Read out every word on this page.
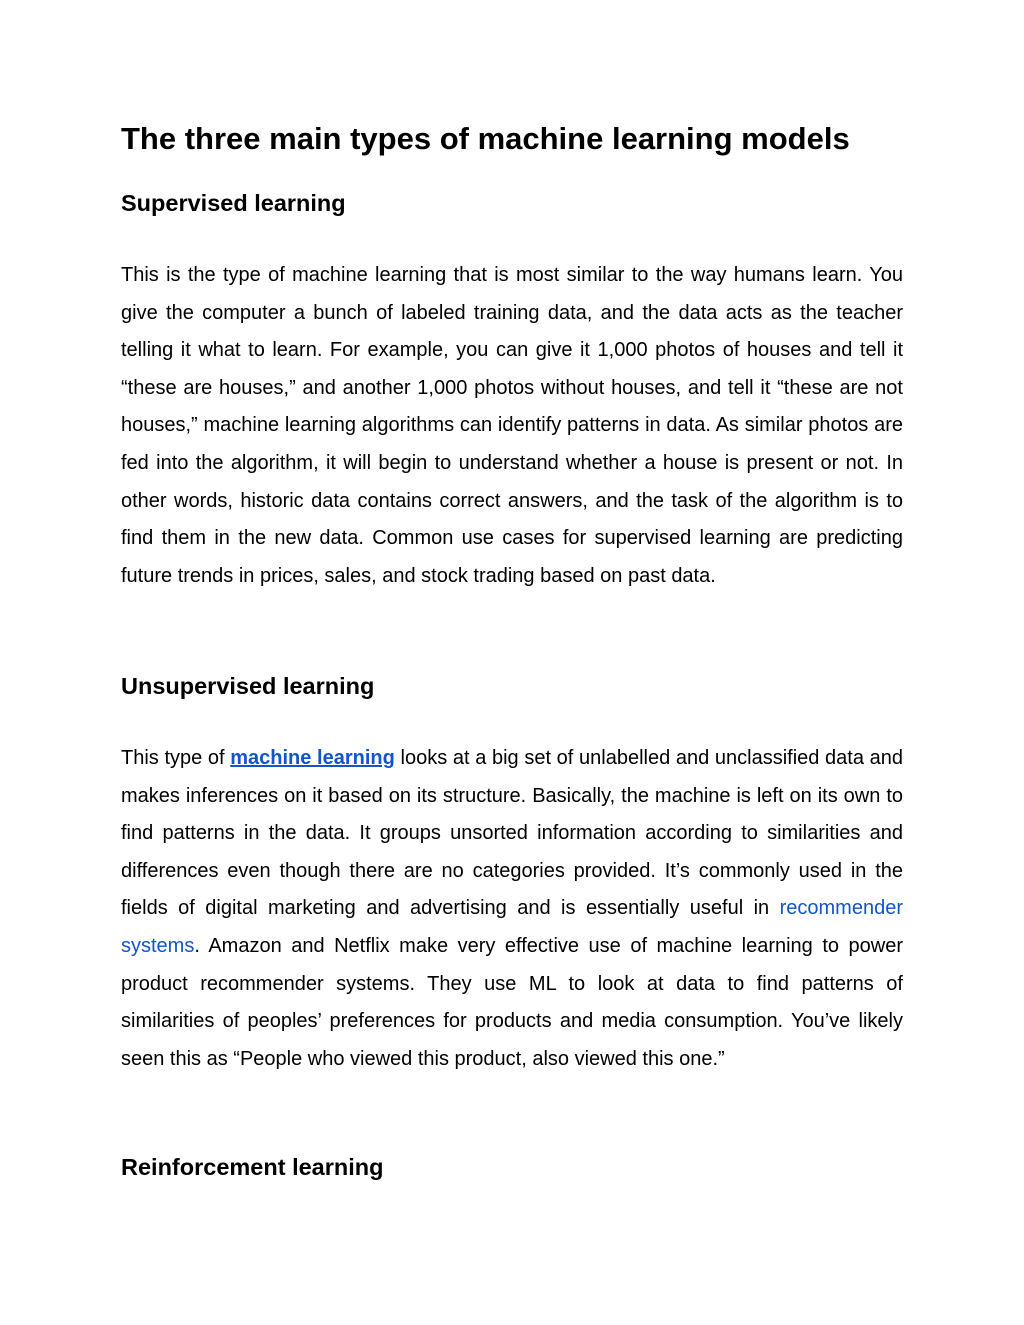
The three main types of machine learning models
Supervised learning

This is the type of machine learning that is most similar to the way humans learn. You give the computer a bunch of labeled training data, and the data acts as the teacher telling it what to learn. For example, you can give it 1,000 photos of houses and tell it “these are houses,” and another 1,000 photos without houses, and tell it “these are not houses,” machine learning algorithms can identify patterns in data. As similar photos are fed into the algorithm, it will begin to understand whether a house is present or not. In other words, historic data contains correct answers, and the task of the algorithm is to find them in the new data. Common use cases for supervised learning are predicting future trends in prices, sales, and stock trading based on past data.

Unsupervised learning

This type of machine learning looks at a big set of unlabelled and unclassified data and makes inferences on it based on its structure. Basically, the machine is left on its own to find patterns in the data. It groups unsorted information according to similarities and differences even though there are no categories provided. It’s commonly used in the fields of digital marketing and advertising and is essentially useful in recommender systems. Amazon and Netflix make very effective use of machine learning to power product recommender systems. They use ML to look at data to find patterns of similarities of peoples’ preferences for products and media consumption. You’ve likely seen this as “People who viewed this product, also viewed this one.”

Reinforcement learning
